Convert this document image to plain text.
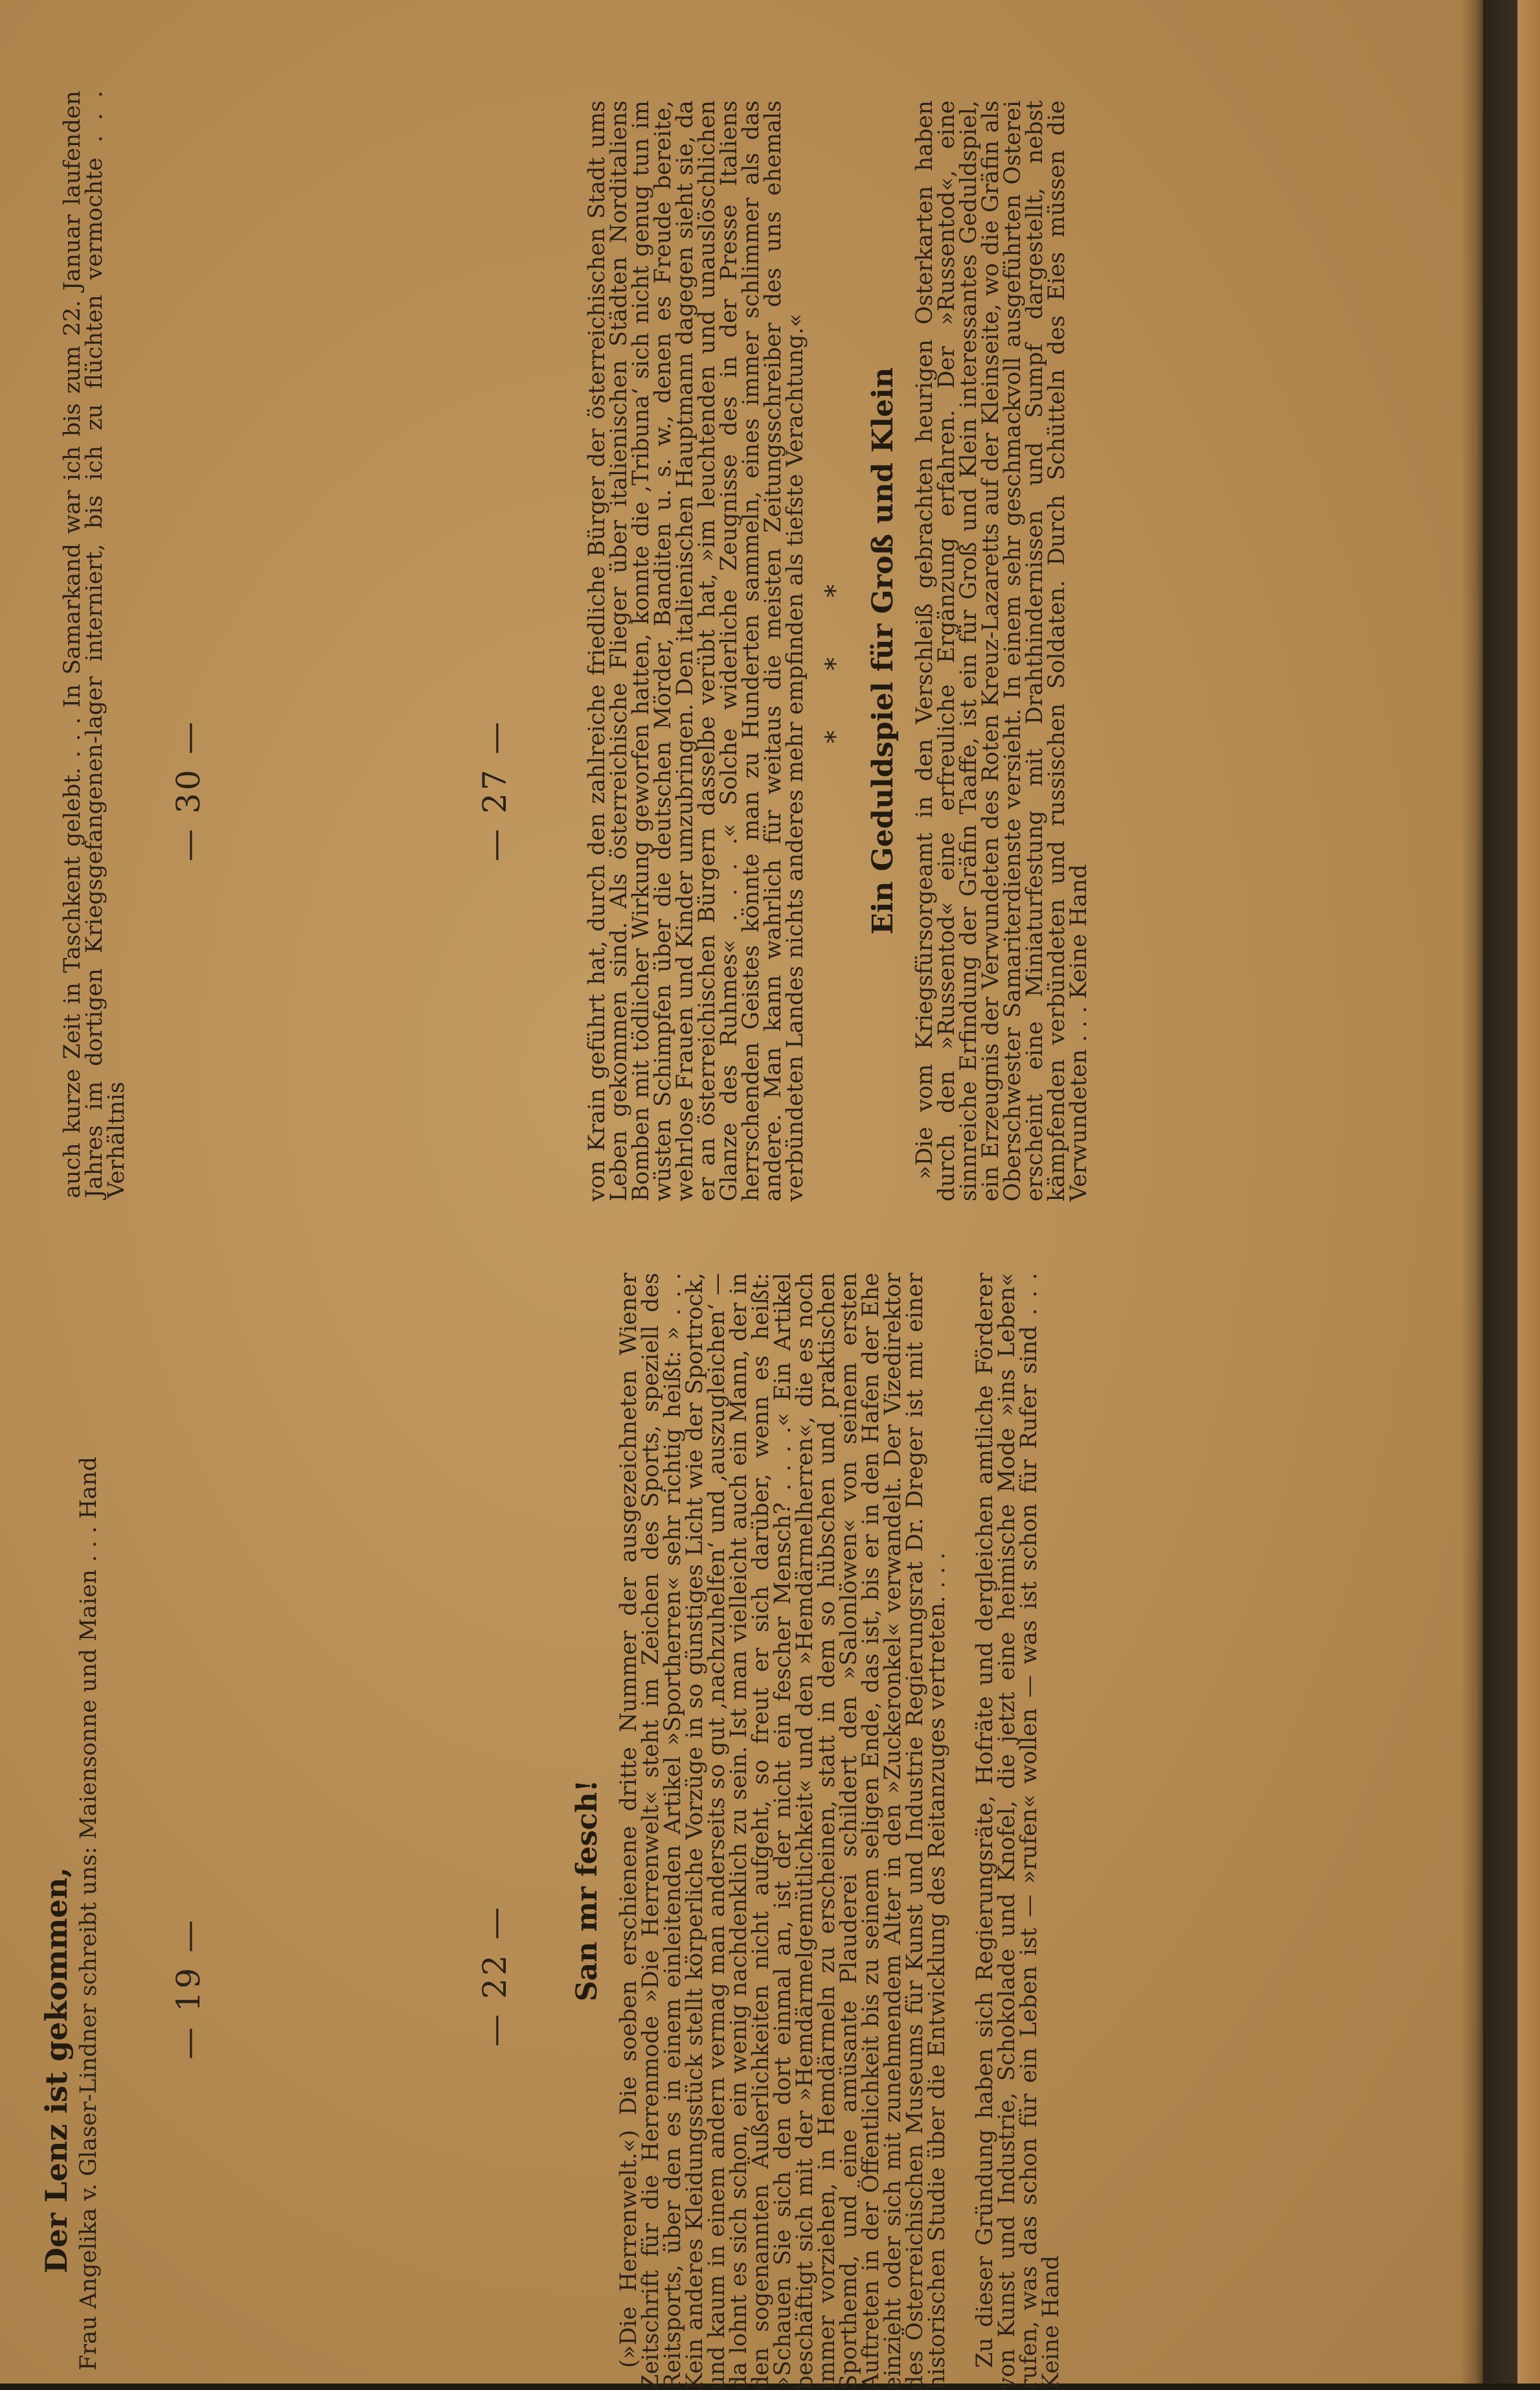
— 30 —	— 27 —
— 22 —
— 19 —

auch kurze Zeit in Taschkent gelebt. . . . In Samarkand war ich bis zum 22. Januar laufenden Jahres im dortigen Kriegsgefangenen-lager interniert, bis ich zu flüchten vermochte . . . Verhältnis	von Krain geführt hat, durch den zahlreiche friedliche Bürger der österreichischen Stadt ums Leben gekommen sind. Als österreichische Flieger über italienischen Städten Norditaliens Bomben mit tödlicher Wirkung geworfen hatten, konnte die ‚Tribuna‘ sich nicht genug tun im wüsten Schimpfen über die deutschen Mörder, Banditen u. s. w., denen es Freude bereite, wehrlose Frauen und Kinder umzubringen. Den italienischen Hauptmann dagegen sieht sie, da er an österreichischen Bürgern dasselbe verübt hat, »im leuchtenden und unauslöschlichen Glanze des Ruhmes« . . . .« Solche widerliche Zeugnisse des in der Presse Italiens herrschenden Geistes könnte man zu Hunderten sammeln, eines immer schlimmer als das andere. Man kann wahrlich für weitaus die meisten Zeitungsschreiber des uns ehemals verbündeten Landes nichts anderes mehr empfinden als tiefste Verachtung.« * * * Ein Geduldspiel für Groß und Klein »Die vom Kriegsfürsorgeamt in den Verschleiß gebrachten heurigen Osterkarten haben durch den »Russentod« eine erfreuliche Ergänzung erfahren. Der »Russentod«, eine sinnreiche Erfindung der Gräfin Taaffe, ist ein für Groß und Klein interessantes Geduldspiel, ein Erzeugnis der Verwundeten des Roten Kreuz-Lazaretts auf der Kleinseite, wo die Gräfin als Oberschwester Samariterdienste versieht. In einem sehr geschmackvoll ausgeführten Osterei erscheint eine Miniaturfestung mit Drahthindernissen und Sumpf dargestellt, nebst kämpfenden verbündeten und russischen Soldaten. Durch Schütteln des Eies müssen die Verwundeten . . . Keine Hand

San mr fesch! (»Die Herrenwelt.«) Die soeben erschienene dritte Nummer der ausgezeichneten Wiener Zeitschrift für die Herrenmode »Die Herrenwelt« steht im Zeichen des Sports, speziell des Reitsports, über den es in einem einleitenden Artikel »Sportherren« sehr richtig heißt: » . . . Kein anderes Kleidungsstück stellt körperliche Vorzüge in so günstiges Licht wie der Sportrock, und kaum in einem andern vermag man anderseits so gut ‚nachzuhelfen‘ und ‚auszugleichen‘ — da lohnt es sich schon, ein wenig nachdenklich zu sein. Ist man vielleicht auch ein Mann, der in den sogenannten Äußerlichkeiten nicht aufgeht, so freut er sich darüber, wenn es heißt: »Schauen Sie sich den dort einmal an, ist der nicht ein fescher Mensch? . . . .« Ein Artikel beschäftigt sich mit der »Hemdärmelgemütlichkeit« und den »Hemdärmelherren«, die es noch immer vorziehen, in Hemdärmeln zu erscheinen, statt in dem so hübschen und praktischen Sporthemd, und eine amüsante Plauderei schildert den »Salonlöwen« von seinem ersten Auftreten in der Öffentlichkeit bis zu seinem seligen Ende, das ist, bis er in den Hafen der Ehe einzieht oder sich mit zunehmendem Alter in den »Zuckeronkel« verwandelt. Der Vizedirektor des Österreichischen Museums für Kunst und Industrie Regierungsrat Dr. Dreger ist mit einer historischen Studie über die Entwicklung des Reitanzuges vertreten. . . . Zu dieser Gründung haben sich Regierungsräte, Hofräte und dergleichen amtliche Förderer von Kunst und Industrie, Schokolade und Knofel, die jetzt eine heimische Mode »ins Leben« rufen, was das schon für ein Leben ist — »rufen« wollen — was ist schon für Rufer sind . . . Keine Hand

Frau Angelika v. Glaser-Lindner schreibt uns: Maiensonne und Maien . . . Hand

Der Lenz ist gekommen,
